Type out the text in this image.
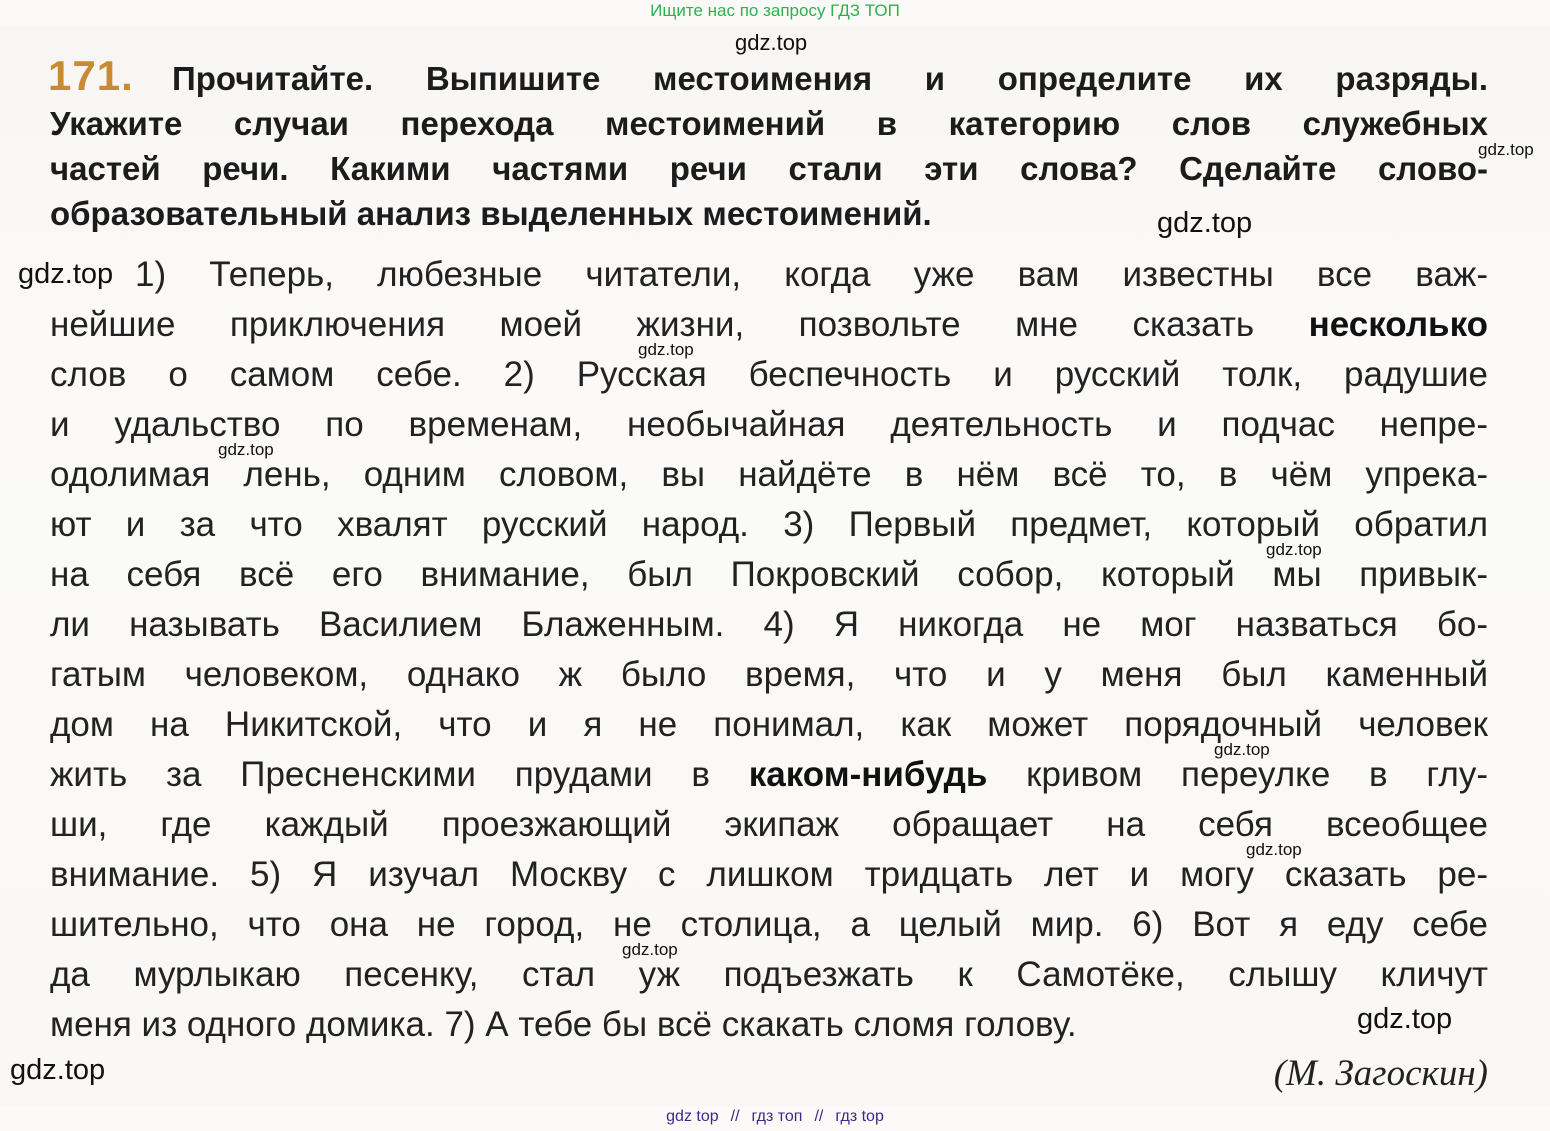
Ищите нас по запросу ГДЗ ТОП
171. Прочитайте. Выпишите местоимения и определите их разряды.
Укажите случаи перехода местоимений в категорию слов служебных
частей речи. Какими частями речи стали эти слова? Сделайте слово-
образовательный анализ выделенных местоимений.
1) Теперь, любезные читатели, когда уже вам известны все важ-
нейшие приключения моей жизни, позвольте мне сказать несколько
слов о самом себе. 2) Русская беспечность и русский толк, радушие
и удальство по временам, необычайная деятельность и подчас непре-
одолимая лень, одним словом, вы найдёте в нём всё то, в чём упрека-
ют и за что хвалят русский народ. 3) Первый предмет, который обратил
на себя всё его внимание, был Покровский собор, который мы привык-
ли называть Василием Блаженным. 4) Я никогда не мог назваться бо-
гатым человеком, однако ж было время, что и у меня был каменный
дом на Никитской, что и я не понимал, как может порядочный человек
жить за Пресненскими прудами в каком-нибудь кривом переулке в глу-
ши, где каждый проезжающий экипаж обращает на себя всеобщее
внимание. 5) Я изучал Москву с лишком тридцать лет и могу сказать ре-
шительно, что она не город, не столица, а целый мир. 6) Вот я еду себе
да мурлыкаю песенку, стал уж подъезжать к Самотёке, слышу кличут
меня из одного домика. 7) А тебе бы всё скакать сломя голову.
(М. Загоскин)
gdz.top
gdz.top
gdz.top
gdz.top
gdz.top
gdz.top
gdz.top
gdz.top
gdz.top
gdz.top
gdz.top
gdz.top
gdz top // гдз топ // гдз top
